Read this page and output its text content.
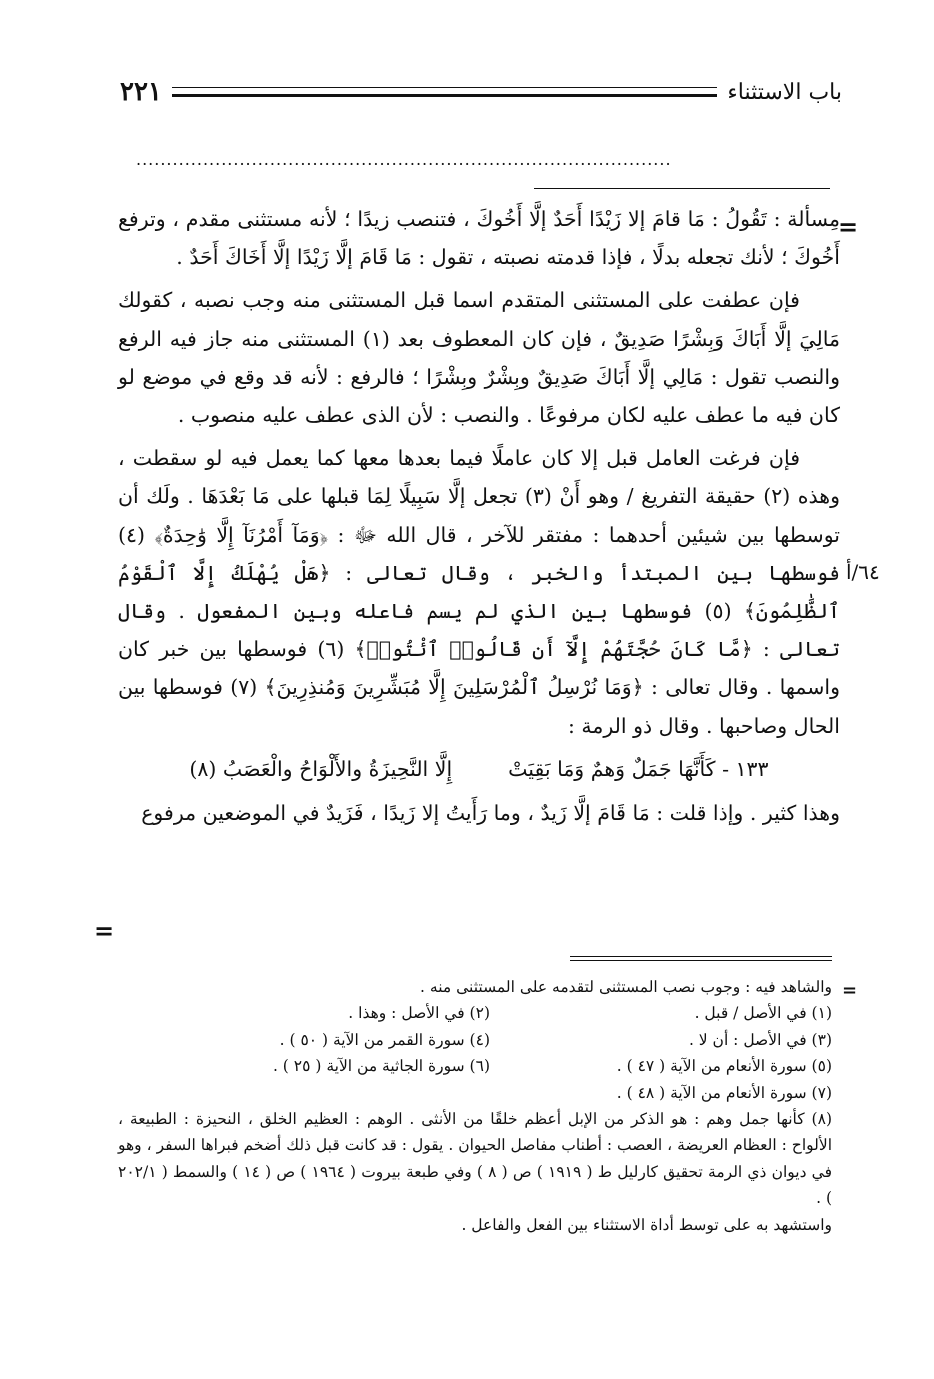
باب الاستثناء
٢٢١
........................................................................................
=

مِسألة : تَقُولُ : مَا قامَ إلا زَيْدًا أَحَدٌ إلَّا أَخُوكَ ، فتنصب زيدًا ؛ لأنه مستثنى مقدم ، وترفع أَخُوكَ ؛ لأنك تجعله بدلًا ، فإذا قدمته نصبته ، تقول : مَا قَامَ إلَّا زَيْدًا إلَّا أَخَاكَ أَحَدٌ .

فإن عطفت على المستثنى المتقدم اسما قبل المستثنى منه وجب نصبه ، كقولك مَالِيَ إلَّا أَبَاكَ وَبِشْرًا صَدِيقٌ ، فإن كان المعطوف بعد (١) المستثنى منه جاز فيه الرفع والنصب تقول : مَالِي إلَّا أَبَاكَ صَدِيقٌ وبِشْرٌ وبِشْرًا ؛ فالرفع : لأنه قد وقع في موضع لو كان فيه ما عطف عليه لكان مرفوعًا . والنصب : لأن الذى عطف عليه منصوب .

فإن فرغت العامل قبل إلا كان عاملًا فيما بعدها معها كما يعمل فيه لو سقطت ، وهذه (٢) حقيقة التفريغ / وهو أَنْ (٣) تجعل إلَّا سَبِيلًا لِمَا قبلها على مَا بَعْدَهَا . ولَك أن توسطها بين شيئين أحدهما : مفتقر للآخر ، قال الله ﷻ : ﴿وَمَآ أَمْرُنَآ إِلَّا وَٰحِدَةٌ﴾ (٤) فوسطها بين المبتدأ والخبر ، وقال تعالى : ﴿هَلْ يُهْلَكُ إِلَّا ٱلْقَوْمُ ٱلظَّٰلِمُونَ﴾ (٥) فوسطها بين الذي لم يسم فاعله وبين المفعول . وقال تعالى : ﴿مَّا كَانَ حُجَّتَهُمْ إِلَّآ أَن قَالُوا۟ ٱئْتُوا۟﴾ (٦) فوسطها بين خبر كان واسمها . وقال تعالى : ﴿وَمَا نُرْسِلُ ٱلْمُرْسَلِينَ إِلَّا مُبَشِّرِينَ وَمُنذِرِينَ﴾ (٧) فوسطها بين الحال وصاحبها . وقال ذو الرمة :

١٣٣ - كَأَنَّهَا جَمَلٌ وَهمٌ وَمَا بَقِيَتْإِلَّا النَّحِيزَةُ والأَلْوَاحُ والْعَصَبُ (٨)

وهذا كثير . وإذا قلت : مَا قَامَ إلَّا زَيدٌ ، وما رَأَيتُ إلا زَيدًا ، فَزَيدٌ في الموضعين مرفوع

٦٤/أ
=
=

والشاهد فيه : وجوب نصب المستثنى لتقدمه على المستثنى منه .

(١) في الأصل / قبل .
(٢) في الأصل : وهذا .
(٣) في الأصل : أن لا .
(٤) سورة القمر من الآية ( ٥٠ ) .
(٥) سورة الأنعام من الآية ( ٤٧ ) .
(٦) سورة الجاثية من الآية ( ٢٥ ) .
(٧) سورة الأنعام من الآية ( ٤٨ ) .

(٨) كأنها جمل وهم : هو الذكر من الإبل أعظم خلقًا من الأنثى . الوهم : العظيم الخلق ، النحيزة : الطبيعة ، الألواح : العظام العريضة ، العصب : أطناب مفاصل الحيوان . يقول : قد كانت قبل ذلك أضخم فبراها السفر ، وهو في ديوان ذي الرمة تحقيق كارليل ط ( ١٩١٩ ) ص ( ٨ ) وفي طبعة بيروت ( ١٩٦٤ ) ص ( ١٤ ) والسمط ( ٢٠٢/١ ) .

واستشهد به على توسط أداة الاستثناء بين الفعل والفاعل .
